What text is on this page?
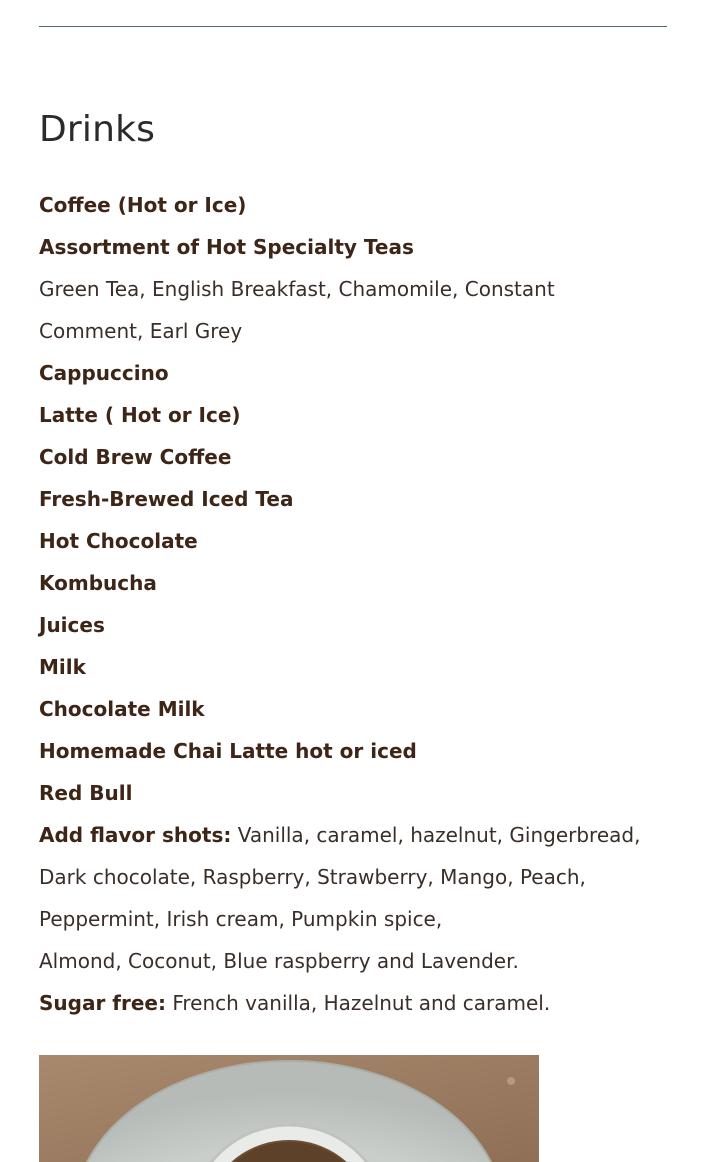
Drinks
Coffee (Hot or Ice)
Assortment of Hot Specialty Teas
Green Tea, English Breakfast, Chamomile, Constant
Comment, Earl Grey
Cappuccino
Latte ( Hot or Ice)
Cold Brew Coffee
Fresh-Brewed Iced Tea
Hot Chocolate
Kombucha
Juices
Milk
Chocolate Milk
Homemade Chai Latte hot or iced
Red Bull
Add flavor shots: Vanilla, caramel, hazelnut, Gingerbread,
Dark chocolate, Raspberry, Strawberry, Mango, Peach,
Peppermint, Irish cream, Pumpkin spice,
Almond, Coconut, Blue raspberry and Lavender.
Sugar free: French vanilla, Hazelnut and caramel.
